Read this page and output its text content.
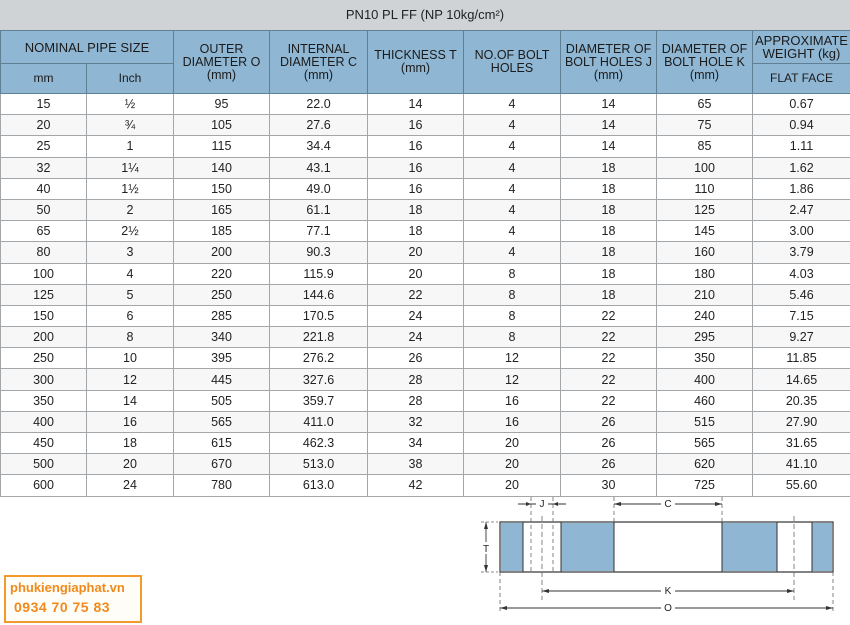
PN10 PL FF (NP 10kg/cm²)
NOMINAL PIPE SIZE		OUTER DIAMETER O (mm)	INTERNAL DIAMETER C (mm)	THICKNESS T (mm)	NO.OF BOLT HOLES	DIAMETER OF BOLT HOLES J (mm)	DIAMETER OF BOLT HOLE K (mm)	APPROXIMATE WEIGHT (kg)
mm	Inch							FLAT FACE
15	½	95	22.0	14	4	14	65	0.67
20	¾	105	27.6	16	4	14	75	0.94
25	1	115	34.4	16	4	14	85	1.11
32	1¼	140	43.1	16	4	18	100	1.62
40	1½	150	49.0	16	4	18	110	1.86
50	2	165	61.1	18	4	18	125	2.47
65	2½	185	77.1	18	4	18	145	3.00
80	3	200	90.3	20	4	18	160	3.79
100	4	220	115.9	20	8	18	180	4.03
125	5	250	144.6	22	8	18	210	5.46
150	6	285	170.5	24	8	22	240	7.15
200	8	340	221.8	24	8	22	295	9.27
250	10	395	276.2	26	12	22	350	11.85
300	12	445	327.6	28	12	22	400	14.65
350	14	505	359.7	28	16	22	460	20.35
400	16	565	411.0	32	16	26	515	27.90
450	18	615	462.3	34	20	26	565	31.65
500	20	670	513.0	38	20	26	620	41.10
600	24	780	613.0	42	20	30	725	55.60
J	C
T
K
O
phukiengiaphat.vn
0934 70 75 83
